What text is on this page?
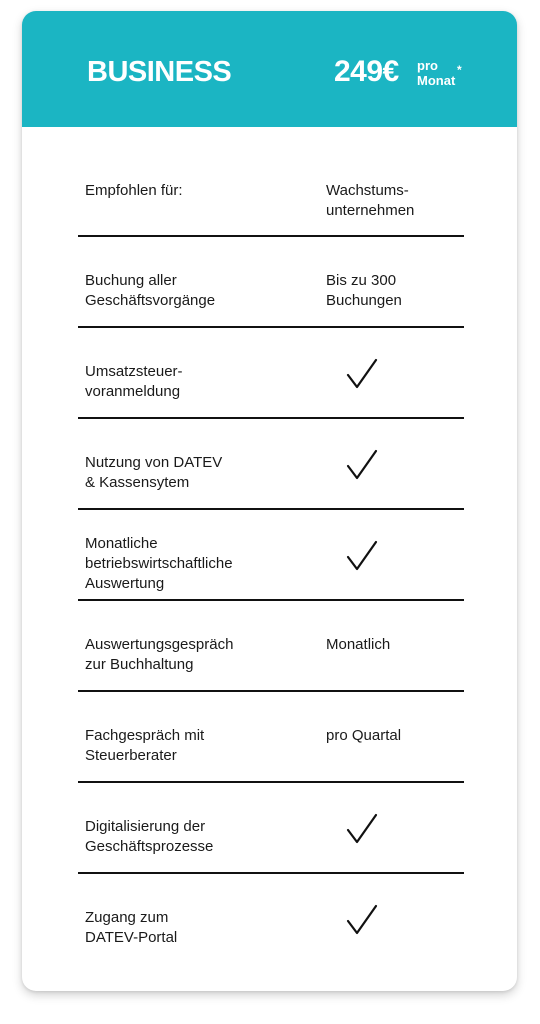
BUSINESS	249€ pro
Monat
*
Empfohlen für:	Wachstums-
unternehmen
Buchung aller
Geschäftsvorgänge
Bis zu 300
Buchungen
Umsatzsteuer-
voranmeldung
Nutzung von DATEV
& Kassensytem
Monatliche
betriebswirtschaftliche
Auswertung
Auswertungsgespräch
zur Buchhaltung
Monatlich
Fachgespräch mit
Steuerberater
pro Quartal
Digitalisierung der
Geschäftsprozesse
Zugang zum
DATEV-Portal
